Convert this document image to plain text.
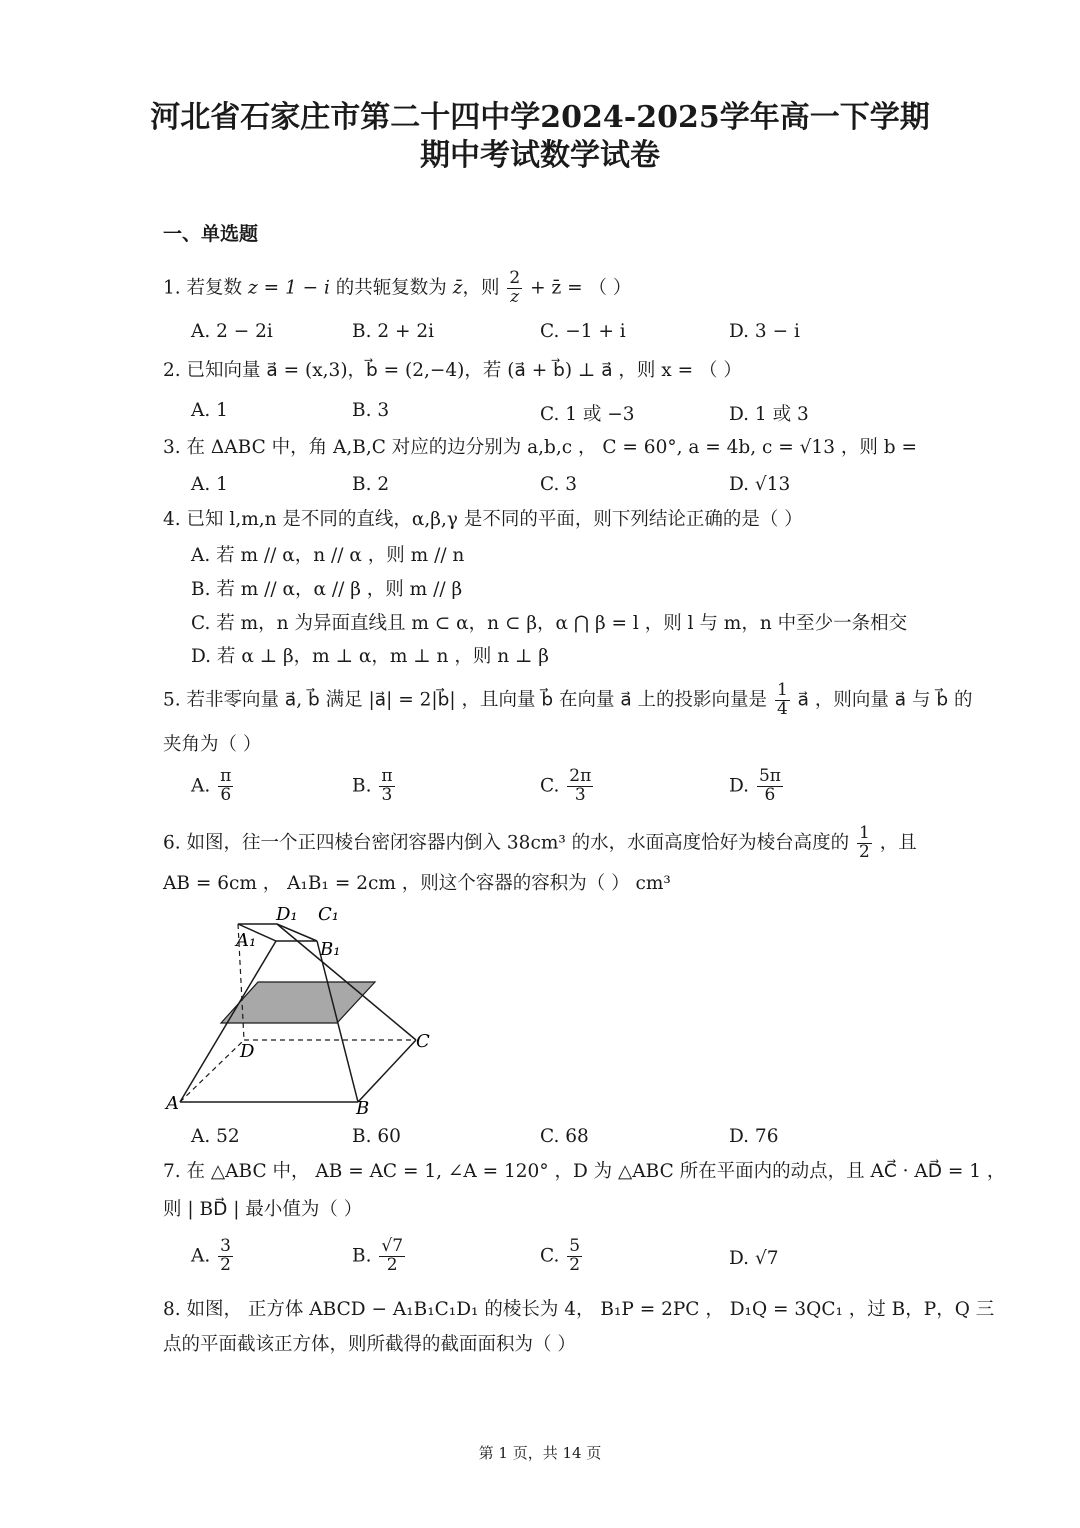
河北省石家庄市第二十四中学2024-2025学年高一下学期
期中考试数学试卷
一、单选题
1. 若复数 z = 1 − i 的共轭复数为 z̄，则 $\frac{2}{z}$ + z̄ = （ ）
A. 2 − 2i	B. 2 + 2i	C. −1 + i	D. 3 − i
2. 已知向量 a⃗ = (x,3)，b⃗ = (2,−4)，若 (a⃗ + b⃗) ⊥ a⃗ ，则 x = （ ）
A. 1	B. 3	C. 1 或 −3	D. 1 或 3
3. 在 ΔABC 中，角 A,B,C 对应的边分别为 a,b,c ， C = 60°, a = 4b, c = √13 ，则 b =
A. 1	B. 2	C. 3	D. √13
4. 已知 l,m,n 是不同的直线，α,β,γ 是不同的平面，则下列结论正确的是（ ）
A. 若 m // α，n // α ，则 m // n
B. 若 m // α，α // β ，则 m // β
C. 若 m，n 为异面直线且 m ⊂ α，n ⊂ β，α ⋂ β = l ，则 l 与 m，n 中至少一条相交
D. 若 α ⊥ β，m ⊥ α，m ⊥ n ，则 n ⊥ β
5. 若非零向量 a⃗, b⃗ 满足 |a⃗| = 2|b⃗| ，且向量 b⃗ 在向量 a⃗ 上的投影向量是 $\frac{1}{4}$ a⃗ ，则向量 a⃗ 与 b⃗ 的
夹角为（ ）
A. $\frac{\pi}{6}$	B. $\frac{\pi}{3}$	C. $\frac{2\pi}{3}$	D. $\frac{5\pi}{6}$
6. 如图，往一个正四棱台密闭容器内倒入 38cm³ 的水，水面高度恰好为棱台高度的 $\frac{1}{2}$ ，且
AB = 6cm ， A₁B₁ = 2cm ，则这个容器的容积为（ ） cm³
D₁ C₁
A₁	B₁
D	C
A	B
A. 52	B. 60	C. 68	D. 76
7. 在 △ABC 中， AB = AC = 1, ∠A = 120° ，D 为 △ABC 所在平面内的动点，且 AC⃗ · AD⃗ = 1 ，
则 | BD⃗ | 最小值为（ ）
A. $\frac{3}{2}$	B. $\frac{√7}{2}$	C. $\frac{5}{2}$	D. √7
8. 如图， 正方体 ABCD − A₁B₁C₁D₁ 的棱长为 4， B₁P = 2PC ， D₁Q = 3QC₁ ，过 B，P，Q 三
点的平面截该正方体，则所截得的截面面积为（ ）
第 1 页，共 14 页
